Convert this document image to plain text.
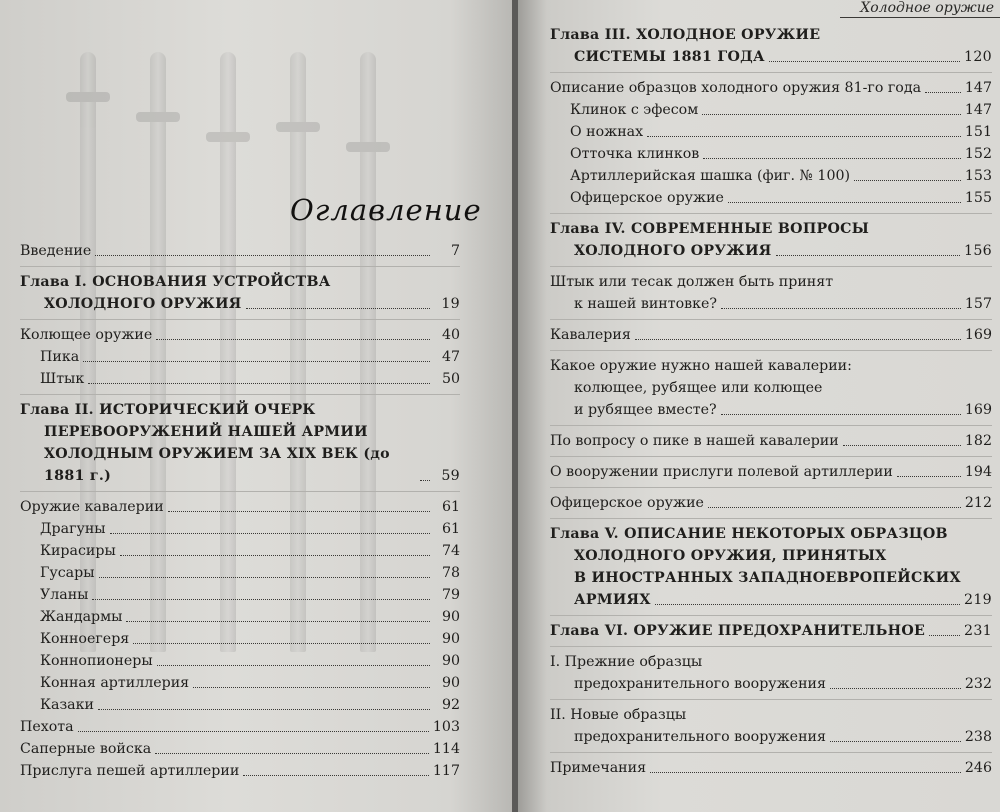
Оглавление
Введение	7
Глава I. ОСНОВАНИЯ УСТРОЙСТВА
ХОЛОДНОГО ОРУЖИЯ	19
Колющее оружие	40
Пика	47
Штык	50
Глава II. ИСТОРИЧЕСКИЙ ОЧЕРК
ПЕРЕВООРУЖЕНИЙ НАШЕЙ АРМИИ
ХОЛОДНЫМ ОРУЖИЕМ ЗА XIX ВЕК (до 1881 г.)	59
Оружие кавалерии	61
Драгуны	61
Кирасиры	74
Гусары	78
Уланы	79
Жандармы	90
Конноегеря	90
Коннопионеры	90
Конная артиллерия	90
Казаки	92
Пехота	103
Саперные войска	114
Прислуга пешей артиллерии	117
Холодное оружие
Глава III. ХОЛОДНОЕ ОРУЖИЕ
СИСТЕМЫ 1881 ГОДА	120
Описание образцов холодного оружия 81-го года	147
Клинок с эфесом	147
О ножнах	151
Отточка клинков	152
Артиллерийская шашка (фиг. № 100)	153
Офицерское оружие	155
Глава IV. СОВРЕМЕННЫЕ ВОПРОСЫ
ХОЛОДНОГО ОРУЖИЯ	156
Штык или тесак должен быть принят
к нашей винтовке?	157
Кавалерия	169
Какое оружие нужно нашей кавалерии:
колющее, рубящее или колющее
и рубящее вместе?	169
По вопросу о пике в нашей кавалерии	182
О вооружении прислуги полевой артиллерии	194
Офицерское оружие	212
Глава V. ОПИСАНИЕ НЕКОТОРЫХ ОБРАЗЦОВ
ХОЛОДНОГО ОРУЖИЯ, ПРИНЯТЫХ
В ИНОСТРАННЫХ ЗАПАДНОЕВРОПЕЙСКИХ
АРМИЯХ	219
Глава VI. ОРУЖИЕ ПРЕДОХРАНИТЕЛЬНОЕ	231
I. Прежние образцы
предохранительного вооружения	232
II. Новые образцы
предохранительного вооружения	238
Примечания	246
